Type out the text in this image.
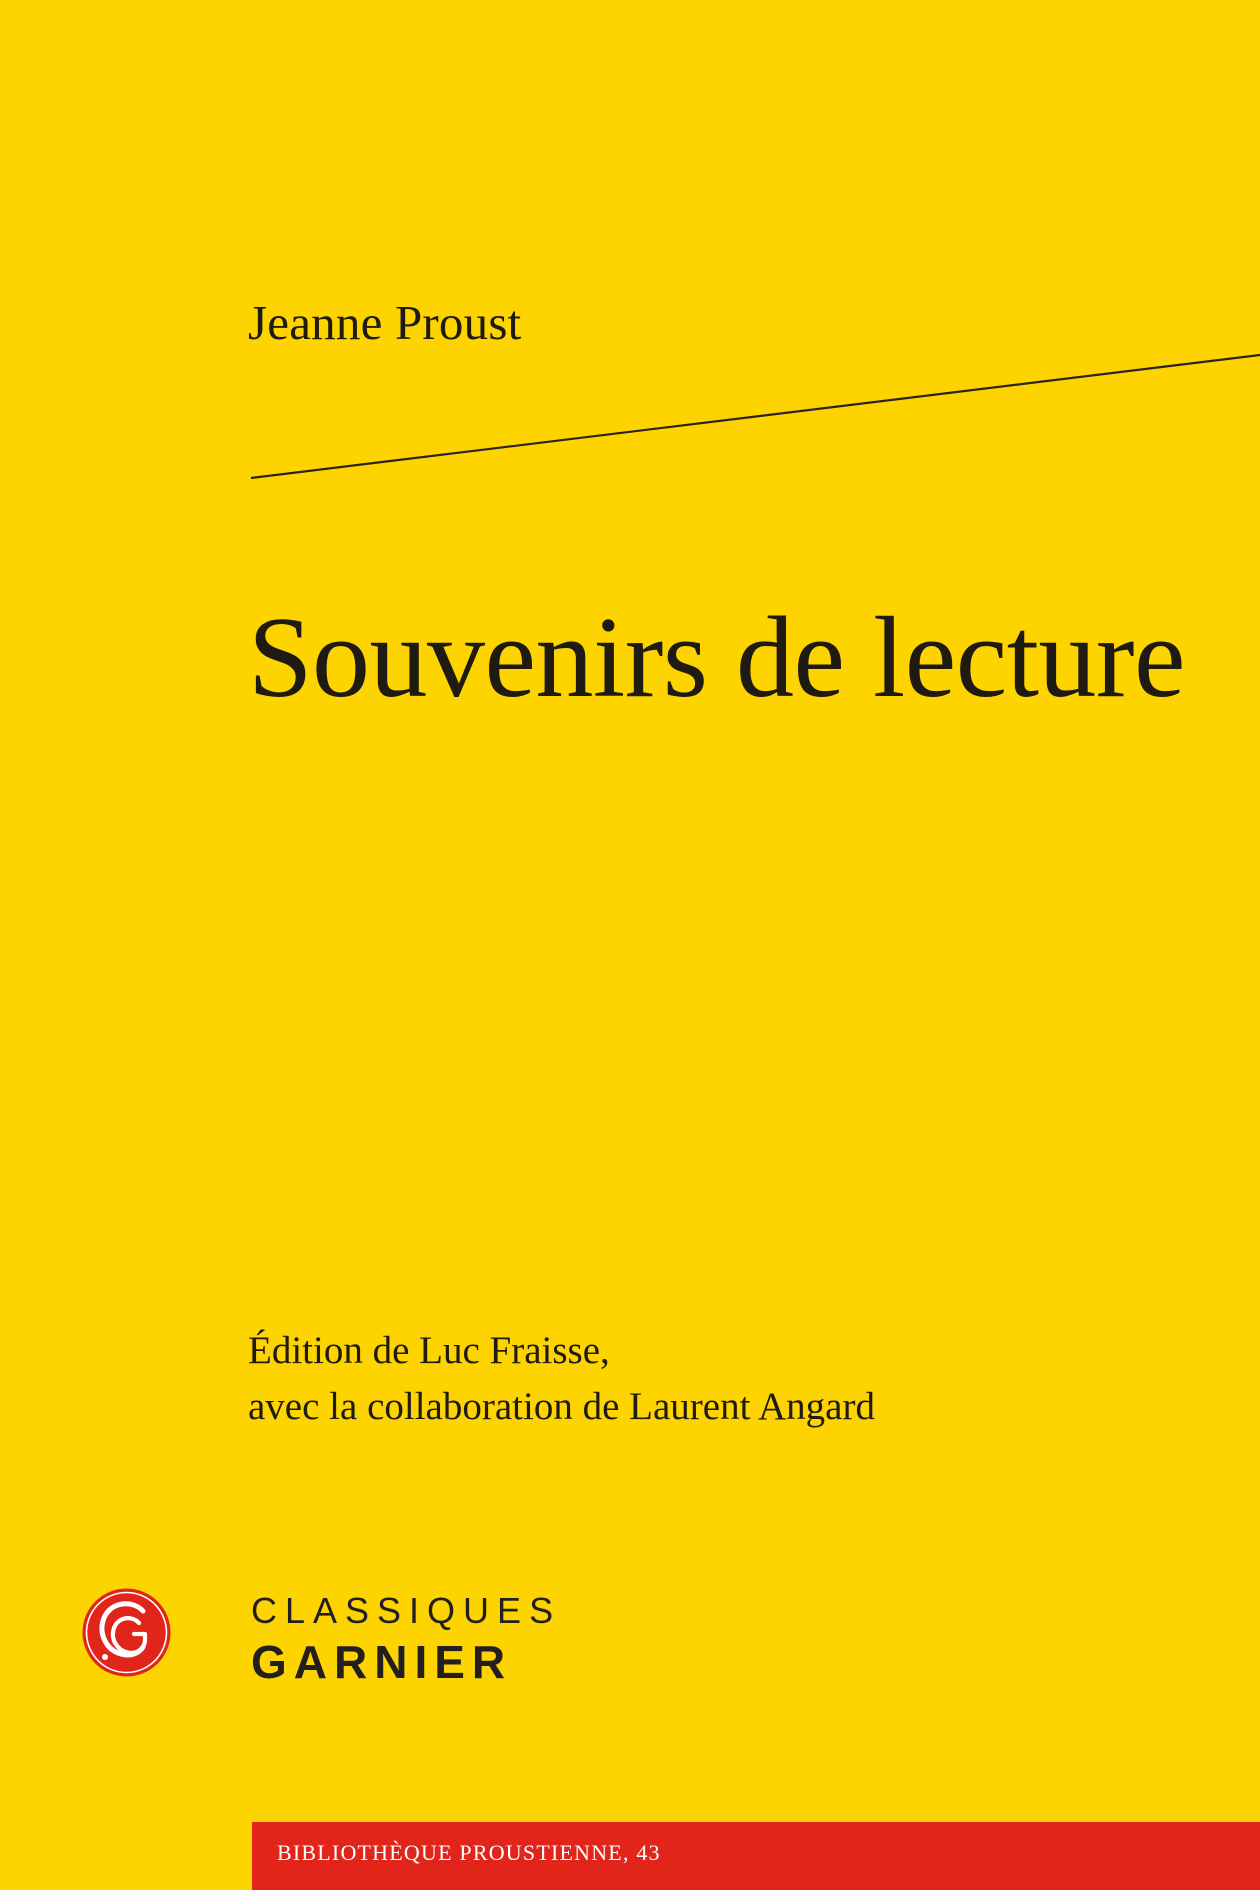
Jeanne Proust
Souvenirs de lecture
Édition de Luc Fraisse,
avec la collaboration de Laurent Angard
CLASSIQUES
GARNIER
BIBLIOTHÈQUE PROUSTIENNE, 43
